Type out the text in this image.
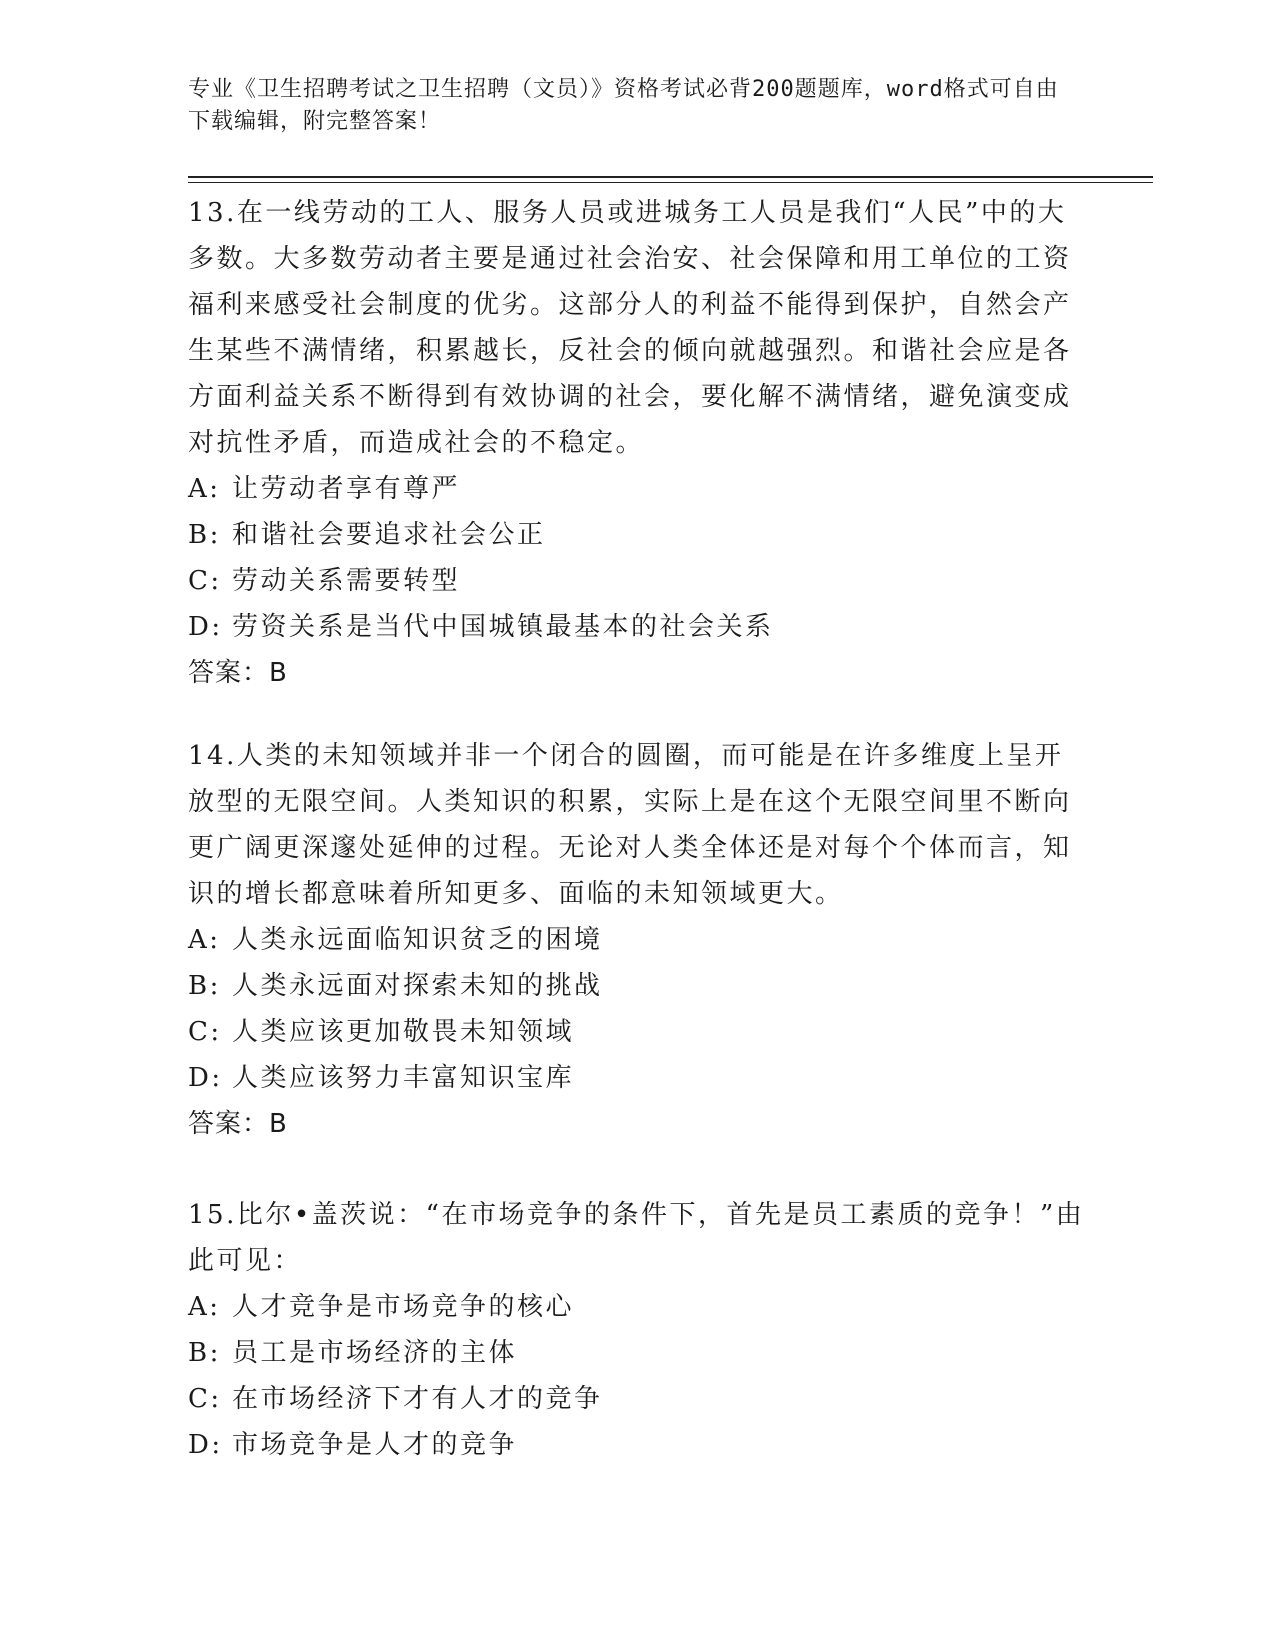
专业《卫生招聘考试之卫生招聘（文员）》资格考试必背200题题库，word格式可自由下载编辑，附完整答案！

13.在一线劳动的工人、服务人员或进城务工人员是我们“人民”中的大多数。大多数劳动者主要是通过社会治安、社会保障和用工单位的工资福利来感受社会制度的优劣。这部分人的利益不能得到保护，自然会产生某些不满情绪，积累越长，反社会的倾向就越强烈。和谐社会应是各方面利益关系不断得到有效协调的社会，要化解不满情绪，避免演变成对抗性矛盾，而造成社会的不稳定。

A: 让劳动者享有尊严

B: 和谐社会要追求社会公正

C: 劳动关系需要转型

D: 劳资关系是当代中国城镇最基本的社会关系

答案：B

14.人类的未知领域并非一个闭合的圆圈，而可能是在许多维度上呈开放型的无限空间。人类知识的积累，实际上是在这个无限空间里不断向更广阔更深邃处延伸的过程。无论对人类全体还是对每个个体而言，知识的增长都意味着所知更多、面临的未知领域更大。

A: 人类永远面临知识贫乏的困境

B: 人类永远面对探索未知的挑战

C: 人类应该更加敬畏未知领域

D: 人类应该努力丰富知识宝库

答案：B

15.比尔•盖茨说：“在市场竞争的条件下，首先是员工素质的竞争！”由此可见：

A: 人才竞争是市场竞争的核心

B: 员工是市场经济的主体

C: 在市场经济下才有人才的竞争

D: 市场竞争是人才的竞争
